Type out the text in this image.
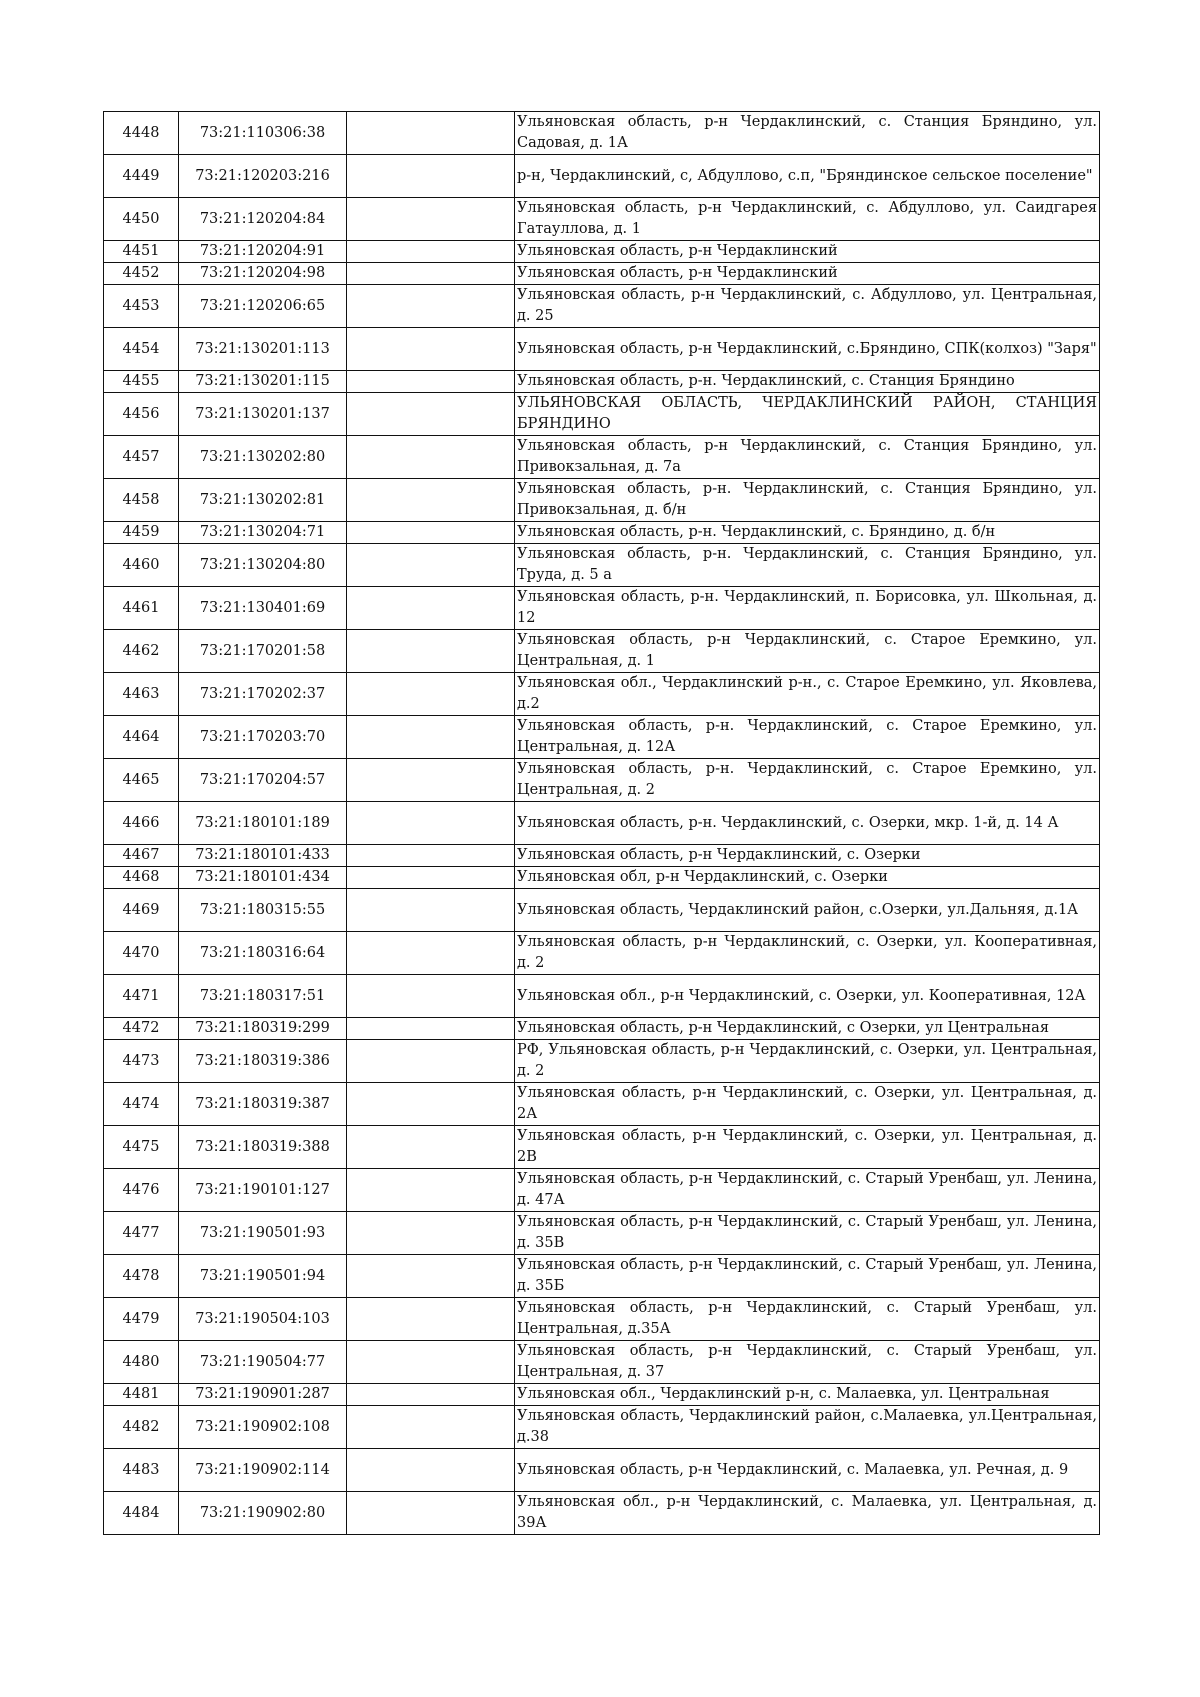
4448	73:21:110306:38		Ульяновская область, р-н Чердаклинский, с. Станция Бряндино, ул. Садовая, д. 1А
4449	73:21:120203:216		р-н, Чердаклинский, с, Абдуллово, с.п, "Бряндинское сельское поселение"
4450	73:21:120204:84		Ульяновская область, р-н Чердаклинский, с. Абдуллово, ул. Саидгарея Гатауллова, д. 1
4451	73:21:120204:91		Ульяновская область, р-н Чердаклинский
4452	73:21:120204:98		Ульяновская область, р-н Чердаклинский
4453	73:21:120206:65		Ульяновская область, р-н Чердаклинский, с. Абдуллово, ул. Центральная, д. 25
4454	73:21:130201:113		Ульяновская область, р-н Чердаклинский, с.Бряндино, СПК(колхоз) "Заря"
4455	73:21:130201:115		Ульяновская область, р-н. Чердаклинский, с. Станция Бряндино
4456	73:21:130201:137		УЛЬЯНОВСКАЯ ОБЛАСТЬ, ЧЕРДАКЛИНСКИЙ РАЙОН, СТАНЦИЯ БРЯНДИНО
4457	73:21:130202:80		Ульяновская область, р-н Чердаклинский, с. Станция Бряндино, ул. Привокзальная, д. 7а
4458	73:21:130202:81		Ульяновская область, р-н. Чердаклинский, с. Станция Бряндино, ул. Привокзальная, д. б/н
4459	73:21:130204:71		Ульяновская область, р-н. Чердаклинский, с. Бряндино, д. б/н
4460	73:21:130204:80		Ульяновская область, р-н. Чердаклинский, с. Станция Бряндино, ул. Труда, д. 5 а
4461	73:21:130401:69		Ульяновская область, р-н. Чердаклинский, п. Борисовка, ул. Школьная, д. 12
4462	73:21:170201:58		Ульяновская область, р-н Чердаклинский, с. Старое Еремкино, ул. Центральная, д. 1
4463	73:21:170202:37		Ульяновская обл., Чердаклинский р-н., с. Старое Еремкино, ул. Яковлева, д.2
4464	73:21:170203:70		Ульяновская область, р-н. Чердаклинский, с. Старое Еремкино, ул. Центральная, д. 12А
4465	73:21:170204:57		Ульяновская область, р-н. Чердаклинский, с. Старое Еремкино, ул. Центральная, д. 2
4466	73:21:180101:189		Ульяновская область, р-н. Чердаклинский, с. Озерки, мкр. 1-й, д. 14 А
4467	73:21:180101:433		Ульяновская область, р-н Чердаклинский, с. Озерки
4468	73:21:180101:434		Ульяновская обл, р-н Чердаклинский, с. Озерки
4469	73:21:180315:55		Ульяновская область, Чердаклинский район, с.Озерки, ул.Дальняя, д.1А
4470	73:21:180316:64		Ульяновская область, р-н Чердаклинский, с. Озерки, ул. Кооперативная, д. 2
4471	73:21:180317:51		Ульяновская обл., р-н Чердаклинский, с. Озерки, ул. Кооперативная, 12А
4472	73:21:180319:299		Ульяновская область, р-н Чердаклинский, с Озерки, ул Центральная
4473	73:21:180319:386		РФ, Ульяновская область, р-н Чердаклинский, с. Озерки, ул. Центральная, д. 2
4474	73:21:180319:387		Ульяновская область, р-н Чердаклинский, с. Озерки, ул. Центральная, д. 2А
4475	73:21:180319:388		Ульяновская область, р-н Чердаклинский, с. Озерки, ул. Центральная, д. 2В
4476	73:21:190101:127		Ульяновская область, р-н Чердаклинский, с. Старый Уренбаш, ул. Ленина, д. 47А
4477	73:21:190501:93		Ульяновская область, р-н Чердаклинский, с. Старый Уренбаш, ул. Ленина, д. 35В
4478	73:21:190501:94		Ульяновская область, р-н Чердаклинский, с. Старый Уренбаш, ул. Ленина, д. 35Б
4479	73:21:190504:103		Ульяновская область, р-н Чердаклинский, с. Старый Уренбаш, ул. Центральная, д.35А
4480	73:21:190504:77		Ульяновская область, р-н Чердаклинский, с. Старый Уренбаш, ул. Центральная, д. 37
4481	73:21:190901:287		Ульяновская обл., Чердаклинский р-н, с. Малаевка, ул. Центральная
4482	73:21:190902:108		Ульяновская область, Чердаклинский район, с.Малаевка, ул.Центральная, д.38
4483	73:21:190902:114		Ульяновская область, р-н Чердаклинский, с. Малаевка, ул. Речная, д. 9
4484	73:21:190902:80		Ульяновская обл., р-н Чердаклинский, с. Малаевка, ул. Центральная, д. 39А
